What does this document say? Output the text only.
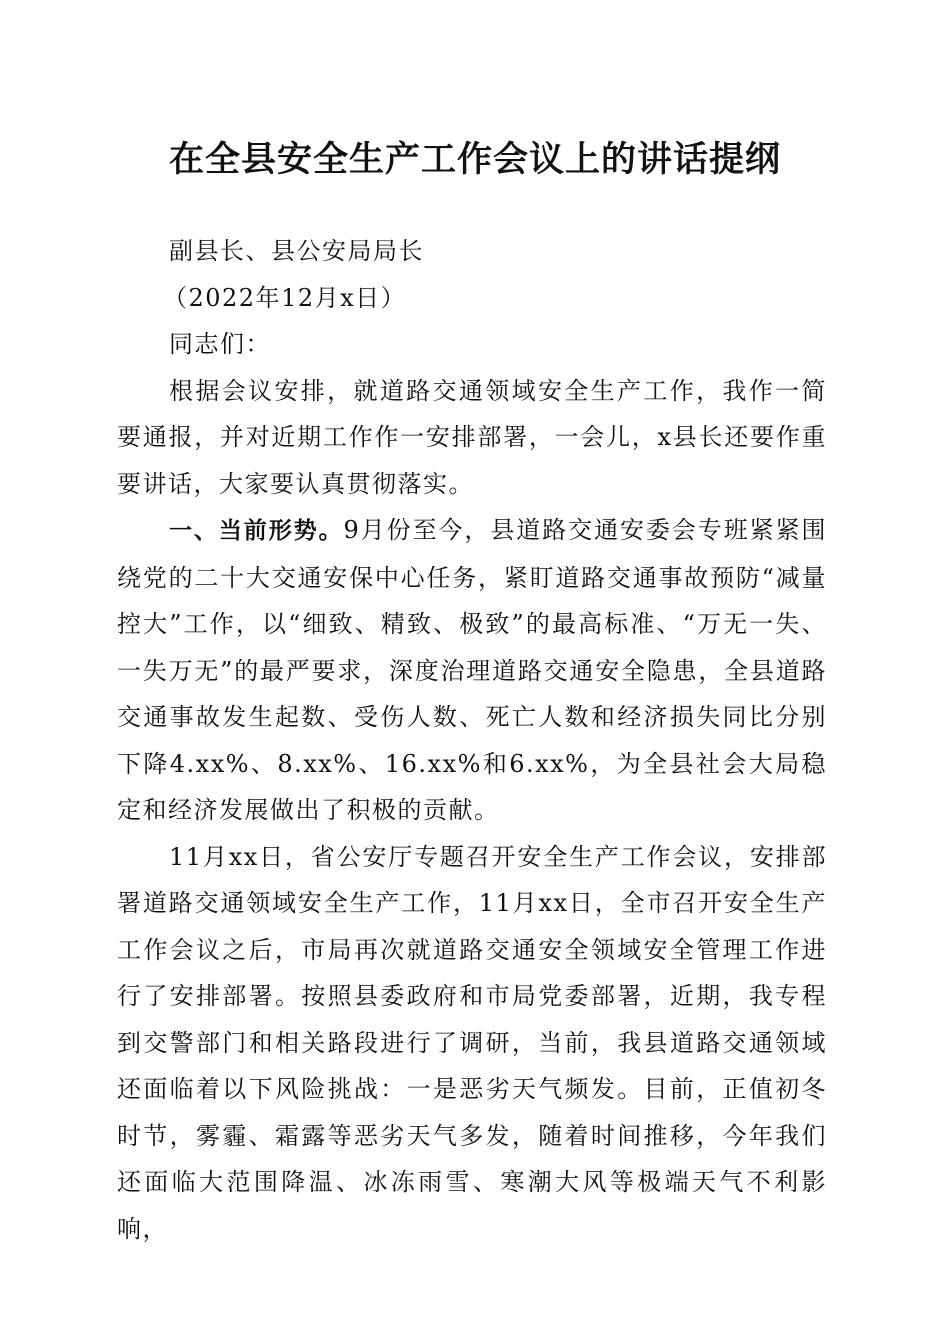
在全县安全生产工作会议上的讲话提纲

副县长、县公安局局长

（2022年12月x日）

同志们：

根据会议安排，就道路交通领域安全生产工作，我作一简要通报，并对近期工作作一安排部署，一会儿，x县长还要作重要讲话，大家要认真贯彻落实。

一、当前形势。9月份至今，县道路交通安委会专班紧紧围绕党的二十大交通安保中心任务，紧盯道路交通事故预防“减量控大”工作，以“细致、精致、极致”的最高标准、“万无一失、一失万无”的最严要求，深度治理道路交通安全隐患，全县道路交通事故发生起数、受伤人数、死亡人数和经济损失同比分别下降4.xx%、8.xx%、16.xx%和6.xx%，为全县社会大局稳定和经济发展做出了积极的贡献。

11月xx日，省公安厅专题召开安全生产工作会议，安排部署道路交通领域安全生产工作，11月xx日，全市召开安全生产工作会议之后，市局再次就道路交通安全领域安全管理工作进行了安排部署。按照县委政府和市局党委部署，近期，我专程到交警部门和相关路段进行了调研，当前，我县道路交通领域还面临着以下风险挑战：一是恶劣天气频发。目前，正值初冬时节，雾霾、霜露等恶劣天气多发，随着时间推移，今年我们还面临大范围降温、冰冻雨雪、寒潮大风等极端天气不利影响，
